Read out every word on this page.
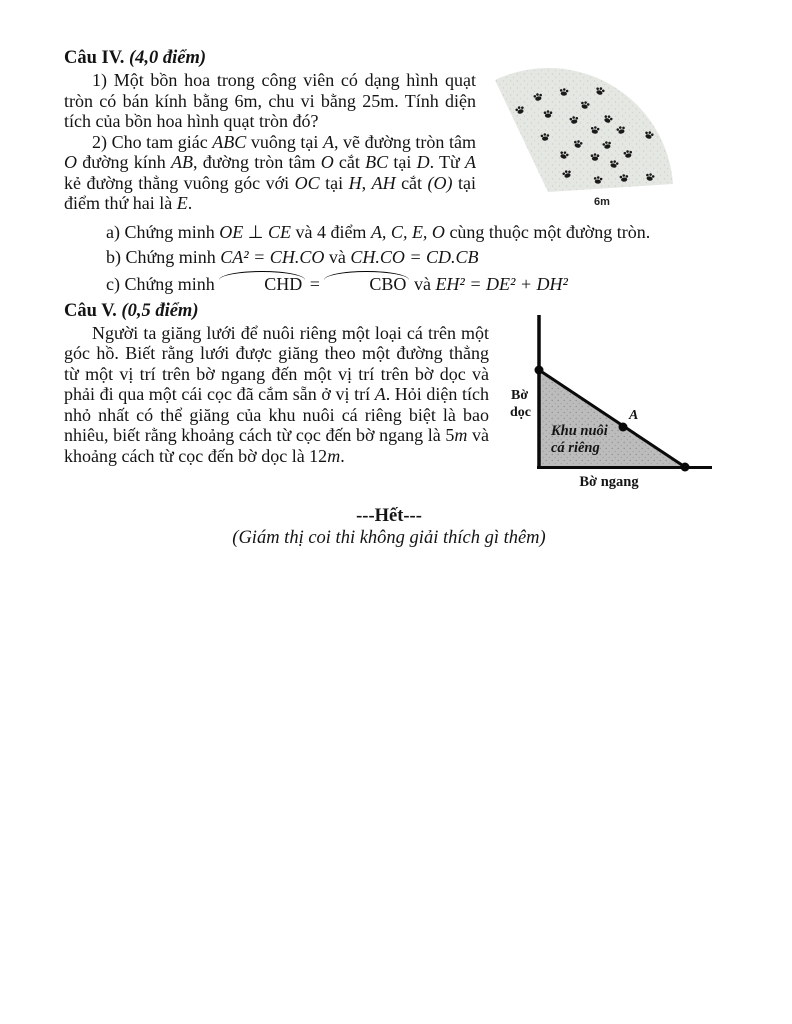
6m
Câu IV. (4,0 điểm)

1) Một bồn hoa trong công viên có dạng hình quạt tròn có bán kính bằng 6m, chu vi bằng 25m. Tính diện tích của bồn hoa hình quạt tròn đó?

2) Cho tam giác ABC vuông tại A, vẽ đường tròn tâm O đường kính AB, đường tròn tâm O cắt BC tại D. Từ A kẻ đường thẳng vuông góc với OC tại H, AH cắt (O) tại điểm thứ hai là E.

a) Chứng minh OE ⊥ CE và 4 điểm A, C, E, O cùng thuộc một đường tròn.

b) Chứng minh CA² = CH.CO và CH.CO = CD.CB

c) Chứng minh	CHD =	CBO và EH² = DE² + DH²

Bờ
dọc	A
Khu nuôi
cá riêng
Bờ ngang
Câu V. (0,5 điểm)

Người ta giăng lưới để nuôi riêng một loại cá trên một góc hồ. Biết rằng lưới được giăng theo một đường thẳng từ một vị trí trên bờ ngang đến một vị trí trên bờ dọc và phải đi qua một cái cọc đã cắm sẵn ở vị trí A. Hỏi diện tích nhỏ nhất có thể giăng của khu nuôi cá riêng biệt là bao nhiêu, biết rằng khoảng cách từ cọc đến bờ ngang là 5m và khoảng cách từ cọc đến bờ dọc là 12m.

---Hết---
(Giám thị coi thi không giải thích gì thêm)
